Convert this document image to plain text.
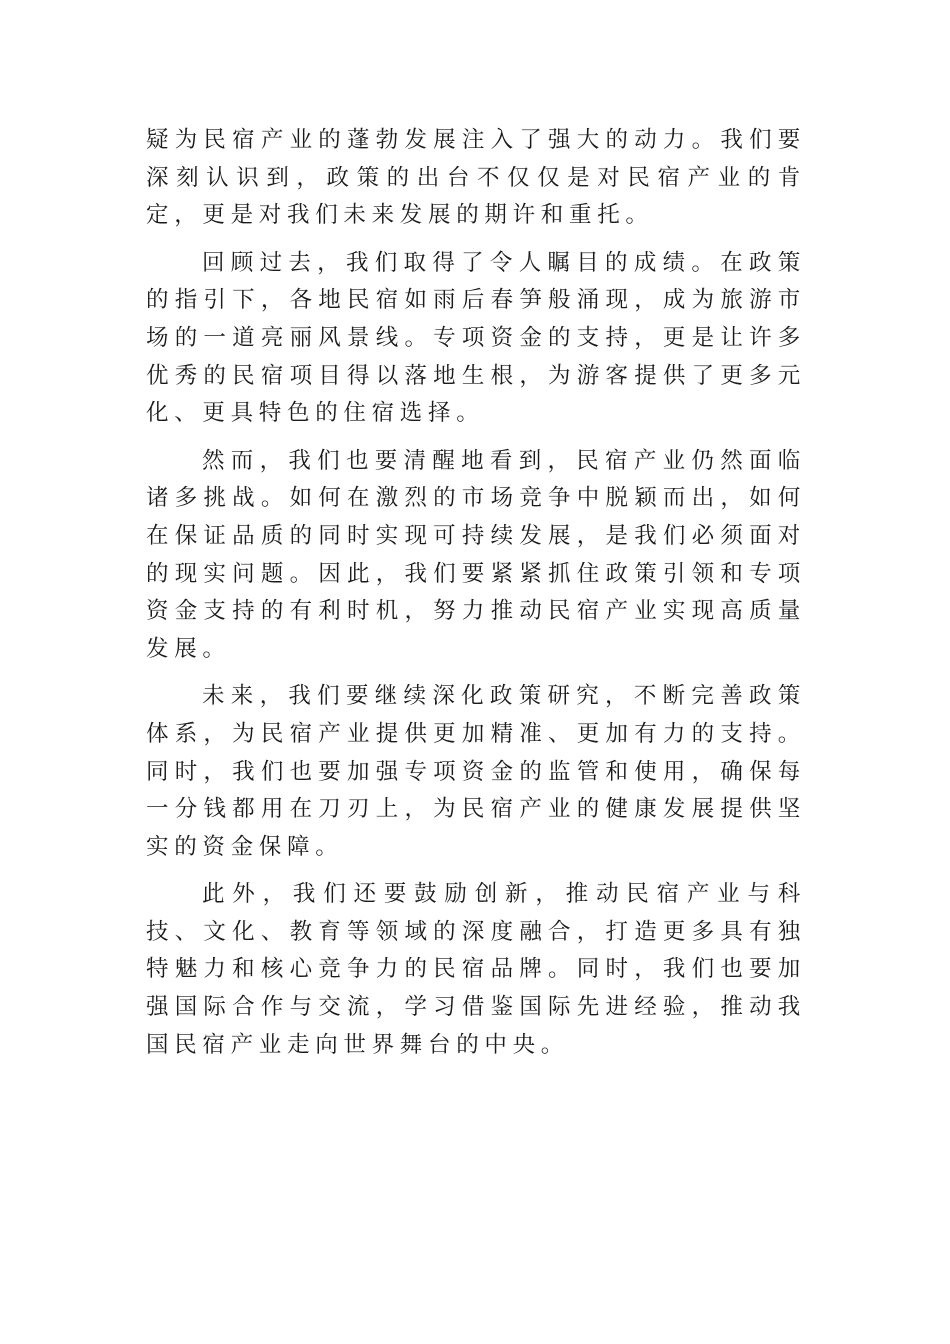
疑为民宿产业的蓬勃发展注入了强大的动力。我们要深刻认识到，政策的出台不仅仅是对民宿产业的肯定，更是对我们未来发展的期许和重托。

回顾过去，我们取得了令人瞩目的成绩。在政策的指引下，各地民宿如雨后春笋般涌现，成为旅游市场的一道亮丽风景线。专项资金的支持，更是让许多优秀的民宿项目得以落地生根，为游客提供了更多元化、更具特色的住宿选择。

然而，我们也要清醒地看到，民宿产业仍然面临诸多挑战。如何在激烈的市场竞争中脱颖而出，如何在保证品质的同时实现可持续发展，是我们必须面对的现实问题。因此，我们要紧紧抓住政策引领和专项资金支持的有利时机，努力推动民宿产业实现高质量发展。

未来，我们要继续深化政策研究，不断完善政策体系，为民宿产业提供更加精准、更加有力的支持。同时，我们也要加强专项资金的监管和使用，确保每一分钱都用在刀刃上，为民宿产业的健康发展提供坚实的资金保障。

此外，我们还要鼓励创新，推动民宿产业与科技、文化、教育等领域的深度融合，打造更多具有独特魅力和核心竞争力的民宿品牌。同时，我们也要加强国际合作与交流，学习借鉴国际先进经验，推动我国民宿产业走向世界舞台的中央。
